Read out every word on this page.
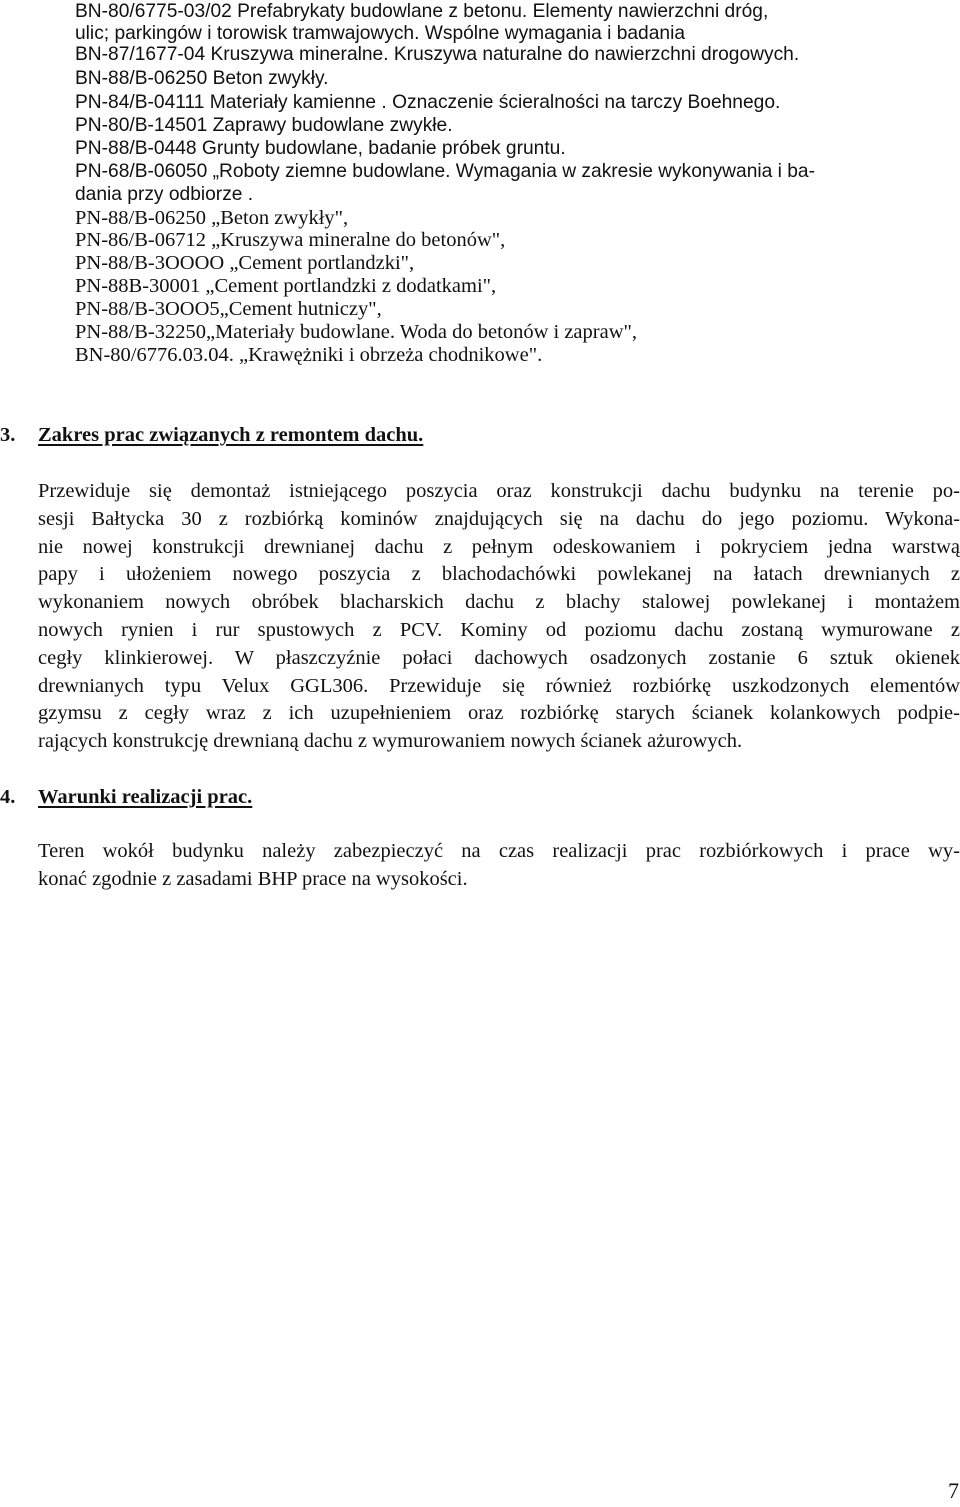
BN-80/6775-03/02 Prefabrykaty budowlane z betonu. Elementy nawierzchni dróg,
ulic; parkingów i torowisk tramwajowych. Wspólne wymagania i badania
BN-87/1677-04 Kruszywa mineralne. Kruszywa naturalne do nawierzchni drogowych.
BN-88/B-06250 Beton zwykły.
PN-84/B-04111 Materiały kamienne . Oznaczenie ścieralności na tarczy Boehnego.
PN-80/B-14501 Zaprawy budowlane zwykłe.
PN-88/B-0448 Grunty budowlane, badanie próbek gruntu.
PN-68/B-06050 „Roboty ziemne budowlane. Wymagania w zakresie wykonywania i ba-
dania przy odbiorze .
PN-88/B-06250 „Beton zwykły",
PN-86/B-06712 „Kruszywa mineralne do betonów",
PN-88/B-3OOOO „Cement portlandzki",
PN-88B-30001 „Cement portlandzki z dodatkami",
PN-88/B-3OOO5„Cement hutniczy",
PN-88/B-32250„Materiały budowlane. Woda do betonów i zapraw",
BN-80/6776.03.04. „Krawężniki i obrzeża chodnikowe".
3. Zakres prac związanych z remontem dachu.
Przewiduje się demontaż istniejącego poszycia oraz konstrukcji dachu budynku na terenie po-
sesji Bałtycka 30 z rozbiórką kominów znajdujących się na dachu do jego poziomu. Wykona-
nie nowej konstrukcji drewnianej dachu z pełnym odeskowaniem i pokryciem jedna warstwą
papy i ułożeniem nowego poszycia z blachodachówki powlekanej na łatach drewnianych z
wykonaniem nowych obróbek blacharskich dachu z blachy stalowej powlekanej i montażem
nowych rynien i rur spustowych z PCV. Kominy od poziomu dachu zostaną wymurowane z
cegły klinkierowej. W płaszczyźnie połaci dachowych osadzonych zostanie 6 sztuk okienek
drewnianych typu Velux GGL306. Przewiduje się również rozbiórkę uszkodzonych elementów
gzymsu z cegły wraz z ich uzupełnieniem oraz rozbiórkę starych ścianek kolankowych podpie-
rających konstrukcję drewnianą dachu z wymurowaniem nowych ścianek ażurowych.
4. Warunki realizacji prac.
Teren wokół budynku należy zabezpieczyć na czas realizacji prac rozbiórkowych i prace wy-
konać zgodnie z zasadami BHP prace na wysokości.
7
